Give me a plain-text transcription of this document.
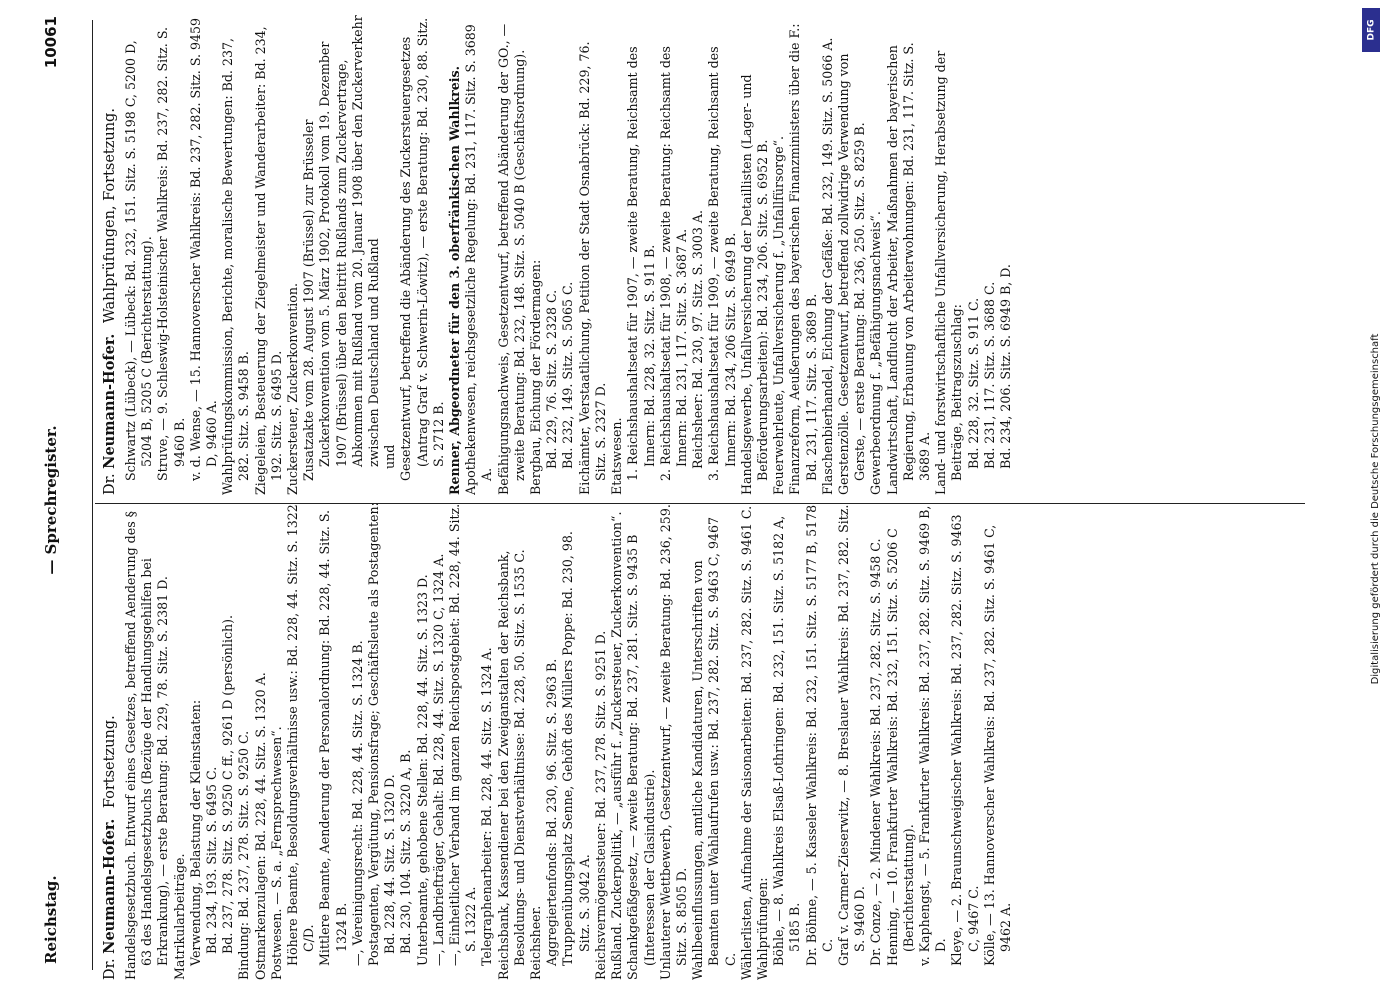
Reichstag.
— Sprechregister.
10061
Dr. Neumann-Hofer. Fortsetzung. Handelsgesetzbuch. Entwurf eines Gesetzes, betreffend Aenderung des § 63 des Handelsgesetzbuchs (Bezüge der Handlungsgehilfen bei Erkrankung), — erste Beratung: Bd. 229, 78. Sitz. S. 2381 D. Matrikularbeiträge. Verwendung, Belastung der Kleinstaaten: Bd. 234, 193. Sitz. S. 6495 C. Bd. 237, 278. Sitz. S. 9250 C ff., 9261 D (persönlich). Bindung: Bd. 237, 278. Sitz. S. 9250 C. Ostmarkenzulagen: Bd. 228, 44. Sitz. S. 1320 A. Postwesen. — S. a. „Fernsprechwesen“. Höhere Beamte, Besoldungsverhältnisse usw.: Bd. 228, 44. Sitz. S. 1322 C/D. Mittlere Beamte, Aenderung der Personalordnung: Bd. 228, 44. Sitz. S. 1324 B. —, Vereinigungsrecht: Bd. 228, 44. Sitz. S. 1324 B. Postagenten, Vergütung, Pensionsfrage; Geschäftsleute als Postagenten: Bd. 228, 44. Sitz. S. 1320 D. Bd. 230, 104. Sitz. S. 3220 A, B. Unterbeamte, gehobene Stellen: Bd. 228, 44. Sitz. S. 1323 D. —, Landbriefträger, Gehalt: Bd. 228, 44. Sitz. S. 1320 C, 1324 A. —, Einheitlicher Verband im ganzen Reichspostgebiet: Bd. 228, 44. Sitz. S. 1322 A. Telegraphenarbeiter: Bd. 228, 44. Sitz. S. 1324 A. Reichsbank, Kassendiener bei den Zweiganstalten der Reichsbank, Besoldungs- und Dienstverhältnisse: Bd. 228, 50. Sitz. S. 1535 C. Reichsheer. Aggregiertenfonds: Bd. 230, 96. Sitz. S. 2963 B. Truppenübungsplatz Senne, Gehöft des Müllers Poppe: Bd. 230, 98. Sitz. S. 3042 A. Reichsvermögenssteuer: Bd. 237, 278. Sitz. S. 9251 D. Rußland. Zuckerpolitik, — „ausführ f. „Zuckersteuer, Zuckerkonvention“. Schankgefäßgesetz, — zweite Beratung: Bd. 237, 281. Sitz. S. 9435 B (Interessen der Glasindustrie). Unlauterer Wettbewerb, Gesetzentwurf, — zweite Beratung: Bd. 236, 259. Sitz. S. 8505 D. Wahlbeeinflussungen, amtliche Kandidaturen, Unterschriften von Beamten unter Wahlaufrufen usw.: Bd. 237, 282. Sitz. S. 9463 C, 9467 C. Wählerlisten, Aufnahme der Saisonarbeiten: Bd. 237, 282. Sitz. S. 9461 C. Wahlprüfungen: Böhle, — 8. Wahlkreis Elsaß-Lothringen: Bd. 232, 151. Sitz. S. 5182 A, 5185 B. Dr. Böhme, — 5. Kasseler Wahlkreis: Bd. 232, 151. Sitz. S. 5177 B, 5178 C. Graf v. Carmer-Zieserwitz, — 8. Breslauer Wahlkreis: Bd. 237, 282. Sitz. S. 9460 D. Dr. Conze, — 2. Mindener Wahlkreis: Bd. 237, 282. Sitz. S. 9458 C. Henning, — 10. Frankfurter Wahlkreis: Bd. 232, 151. Sitz. S. 5206 C (Berichterstattung). v. Kaphengst, — 5. Frankfurter Wahlkreis: Bd. 237, 282. Sitz. S. 9469 B, D. Kleye, — 2. Braunschweigischer Wahlkreis: Bd. 237, 282. Sitz. S. 9463 C, 9467 C. Kölle, — 13. Hannoverscher Wahlkreis: Bd. 237, 282. Sitz. S. 9461 C, 9462 A.

Dr. Neumann-Hofer. Wahlprüfungen, Fortsetzung. Schwartz (Lübeck), — Lübeck: Bd. 232, 151. Sitz. S. 5198 C, 5200 D, 5204 B, 5205 C (Berichterstattung). Struve, — 9. Schleswig-Holsteinischer Wahlkreis: Bd. 237, 282. Sitz. S. 9460 B. v. d. Wense, — 15. Hannoverscher Wahlkreis: Bd. 237, 282. Sitz. S. 9459 D, 9460 A. Wahlprüfungskommission, Berichte, moralische Bewertungen: Bd. 237, 282. Sitz. S. 9458 B. Ziegeleien, Besteuerung der Ziegelmeister und Wanderarbeiter: Bd. 234, 192. Sitz. S. 6495 D. Zuckersteuer, Zuckerkonvention. Zusatzakte vom 28. August 1907 (Brüssel) zur Brüsseler Zuckerkonvention vom 5. März 1902, Protokoll vom 19. Dezember 1907 (Brüssel) über den Beitritt Rußlands zum Zuckervertrage, Abkommen mit Rußland vom 20. Januar 1908 über den Zuckerverkehr zwischen Deutschland und Rußland und Gesetzentwurf, betreffend die Abänderung des Zuckersteuergesetzes (Antrag Graf v. Schwerin-Löwitz), — erste Beratung: Bd. 230, 88. Sitz. S. 2712 B. Renner, Abgeordneter für den 3. oberfränkischen Wahlkreis. Apothekenwesen, reichsgesetzliche Regelung: Bd. 231, 117. Sitz. S. 3689 A. Befähigungsnachweis, Gesetzentwurf, betreffend Abänderung der GO., — zweite Beratung: Bd. 232, 148. Sitz. S. 5040 B (Geschäftsordnung). Bergbau, Eichung der Fördermagen: Bd. 229, 76. Sitz. S. 2328 C. Bd. 232, 149. Sitz. S. 5065 C. Eichämter, Verstaatlichung, Petition der Stadt Osnabrück: Bd. 229, 76. Sitz. S. 2327 D. Etatswesen. 1. Reichshaushaltsetat für 1907, — zweite Beratung, Reichsamt des Innern: Bd. 228, 32. Sitz. S. 911 B. 2. Reichshaushaltsetat für 1908, — zweite Beratung: Reichsamt des Innern: Bd. 231, 117. Sitz. S. 3687 A. Reichsheer: Bd. 230, 97. Sitz. S. 3003 A. 3. Reichshaushaltsetat für 1909, — zweite Beratung, Reichsamt des Innern: Bd. 234, 206 Sitz. S. 6949 B. Handelsgewerbe, Unfallversicherung der Detaillisten (Lager- und Beförderungsarbeiten): Bd. 234, 206. Sitz. S. 6952 B. Feuerwehrleute, Unfallversicherung f. „Unfallfürsorge“. Finanzreform, Aeußerungen des bayerischen Finanzministers über die F.: Bd. 231, 117. Sitz. S. 3689 B. Flaschenbierhandel, Eichung der Gefäße: Bd. 232, 149. Sitz. S. 5066 A. Gerstenzölle. Gesetzentwurf, betreffend zollwidrige Verwendung von Gerste, — erste Beratung: Bd. 236, 250. Sitz. S. 8259 B. Gewerbeordnung f. „Befähigungsnachweis“. Landwirtschaft, Landflucht der Arbeiter, Maßnahmen der bayerischen Regierung, Erbauung von Arbeiterwohnungen: Bd. 231, 117. Sitz. S. 3689 A. Land- und forstwirtschaftliche Unfallversicherung, Herabsetzung der Beiträge, Beitragszuschlag: Bd. 228, 32. Sitz. S. 911 C. Bd. 231, 117. Sitz. S. 3688 C. Bd. 234, 206. Sitz. S. 6949 B, D.	Digitalisierung gefördert durch die Deutsche Forschungsgemeinschaft
DFG
